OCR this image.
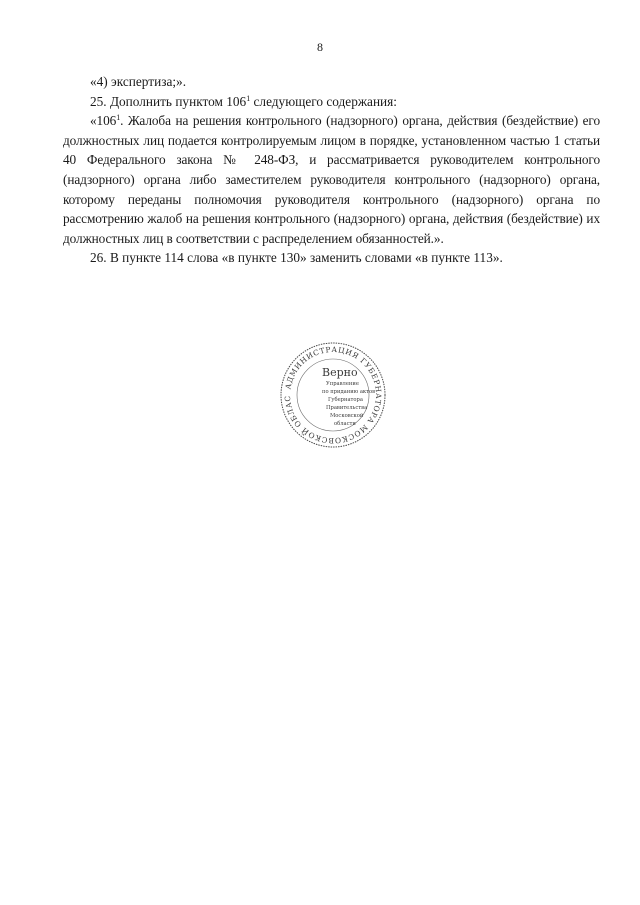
8

«4) экспертиза;».

25. Дополнить пунктом $106^1$ следующего содержания:

«$106^1$. Жалоба на решения контрольного (надзорного) органа, действия (бездействие) его должностных лиц подается контролируемым лицом в порядке, установленном частью 1 статьи 40 Федерального закона № 248-ФЗ, и рассматривается руководителем контрольного (надзорного) органа либо заместителем руководителя контрольного (надзорного) органа, которому переданы полномочия руководителя контрольного (надзорного) органа по рассмотрению жалоб на решения контрольного (надзорного) органа, действия (бездействие) их должностных лиц в соответствии с распределением обязанностей.».

26. В пункте 114 слова «в пункте 130» заменить словами «в пункте 113».

АДМИНИСТРАЦИЯ ГУБЕРНАТОРА МОСКОВСКОЙ ОБЛАС
Верно
Управление
по приданию актов
Губернатора
Правительства
Московской
области
